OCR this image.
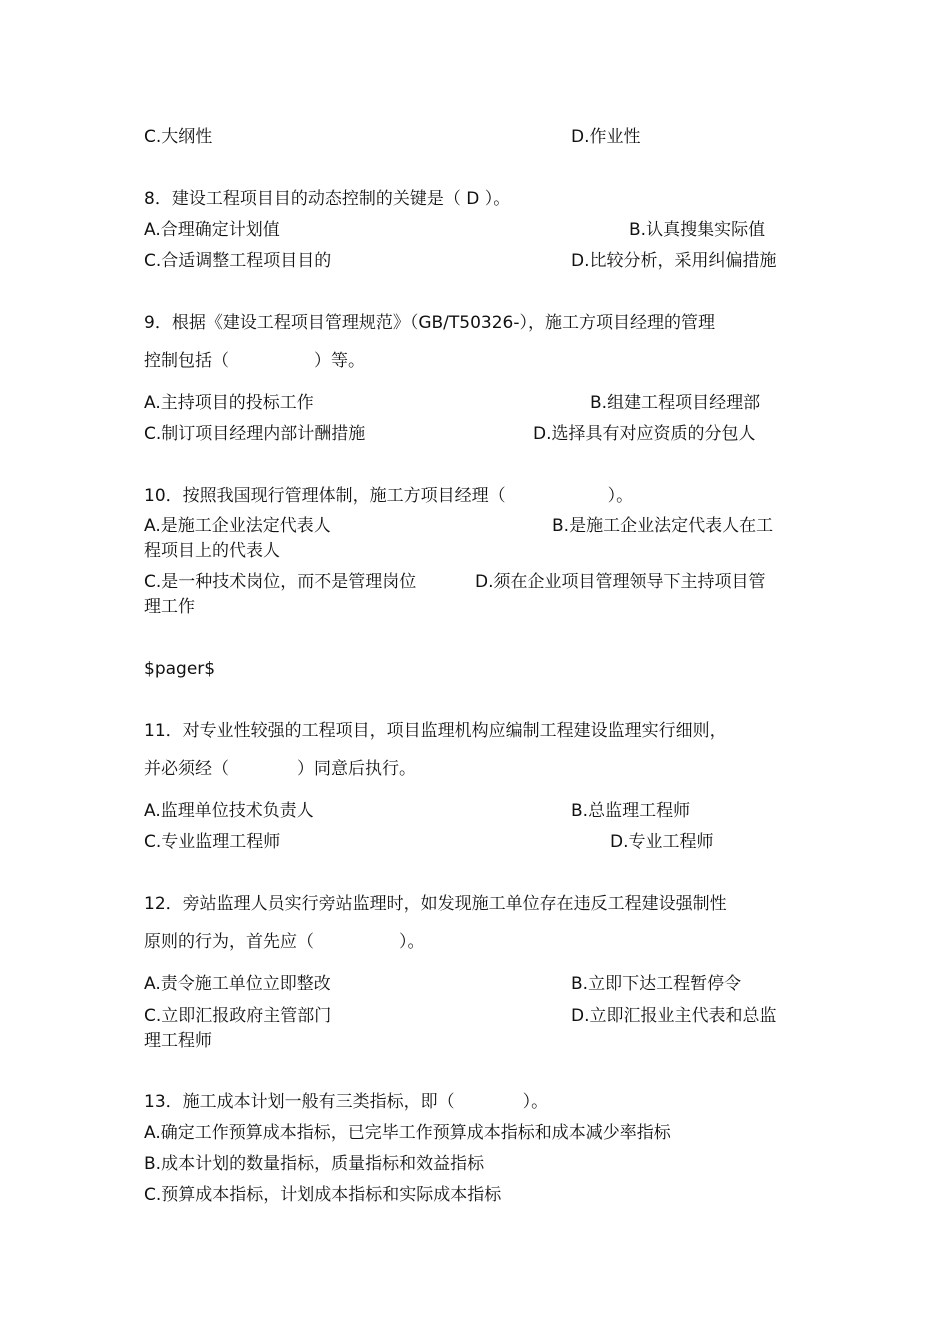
C.大纲性	D.作业性

8．建设工程项目目的动态控制的关键是（ D ）。

A.合理确定计划值	B.认真搜集实际值

C.合适调整工程项目目的	D.比较分析，采用纠偏措施

9．根据《建设工程项目管理规范》（GB/T50326-），施工方项目经理的管理

控制包括（　　　　　）等。

A.主持项目的投标工作	B.组建工程项目经理部

C.制订项目经理内部计酬措施	D.选择具有对应资质的分包人

10．按照我国现行管理体制，施工方项目经理（　　　　　　）。

A.是施工企业法定代表人	B.是施工企业法定代表人在工

程项目上的代表人

C.是一种技术岗位，而不是管理岗位	D.须在企业项目管理领导下主持项目管

理工作

$pager$

11．对专业性较强的工程项目，项目监理机构应编制工程建设监理实行细则，

并必须经（　　　　）同意后执行。

A.监理单位技术负责人	B.总监理工程师

C.专业监理工程师	D.专业工程师

12．旁站监理人员实行旁站监理时，如发现施工单位存在违反工程建设强制性

原则的行为，首先应（　　　　　）。

A.责令施工单位立即整改	B.立即下达工程暂停令

C.立即汇报政府主管部门	D.立即汇报业主代表和总监

理工程师

13．施工成本计划一般有三类指标，即（　　　　）。

A.确定工作预算成本指标，已完毕工作预算成本指标和成本减少率指标

B.成本计划的数量指标，质量指标和效益指标

C.预算成本指标，计划成本指标和实际成本指标
